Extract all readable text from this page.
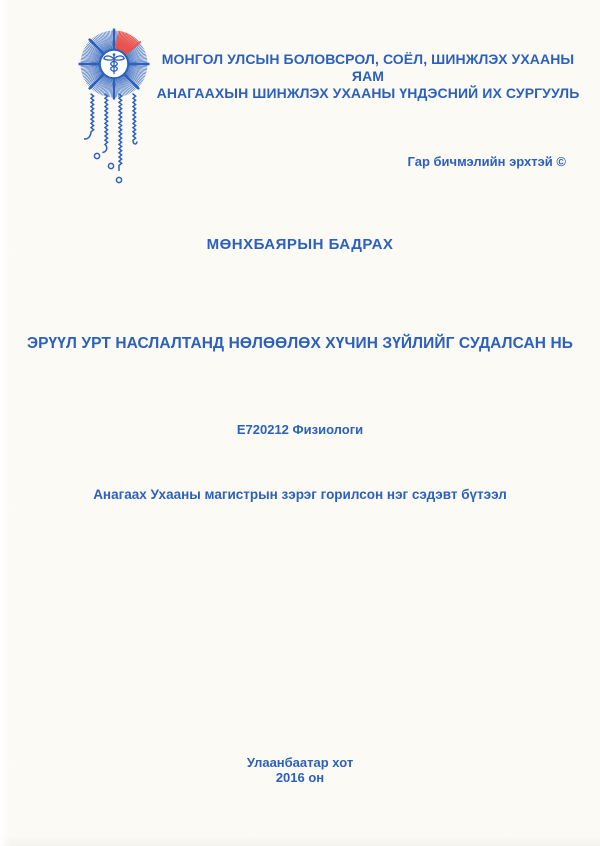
МОНГОЛ УЛСЫН БОЛОВСРОЛ, СОЁЛ, ШИНЖЛЭХ УХААНЫ ЯАМ
АНАГААХЫН ШИНЖЛЭХ УХААНЫ ҮНДЭСНИЙ ИХ СУРГУУЛЬ
Гар бичмэлийн эрхтэй ©
МӨНХБАЯРЫН БАДРАХ
ЭРҮҮЛ УРТ НАСЛАЛТАНД НӨЛӨӨЛӨХ ХҮЧИН ЗҮЙЛИЙГ СУДАЛСАН НЬ
Е720212 Физиологи
Анагаах Ухааны магистрын зэрэг горилсон нэг сэдэвт бүтээл
Улаанбаатар хот
2016 он
